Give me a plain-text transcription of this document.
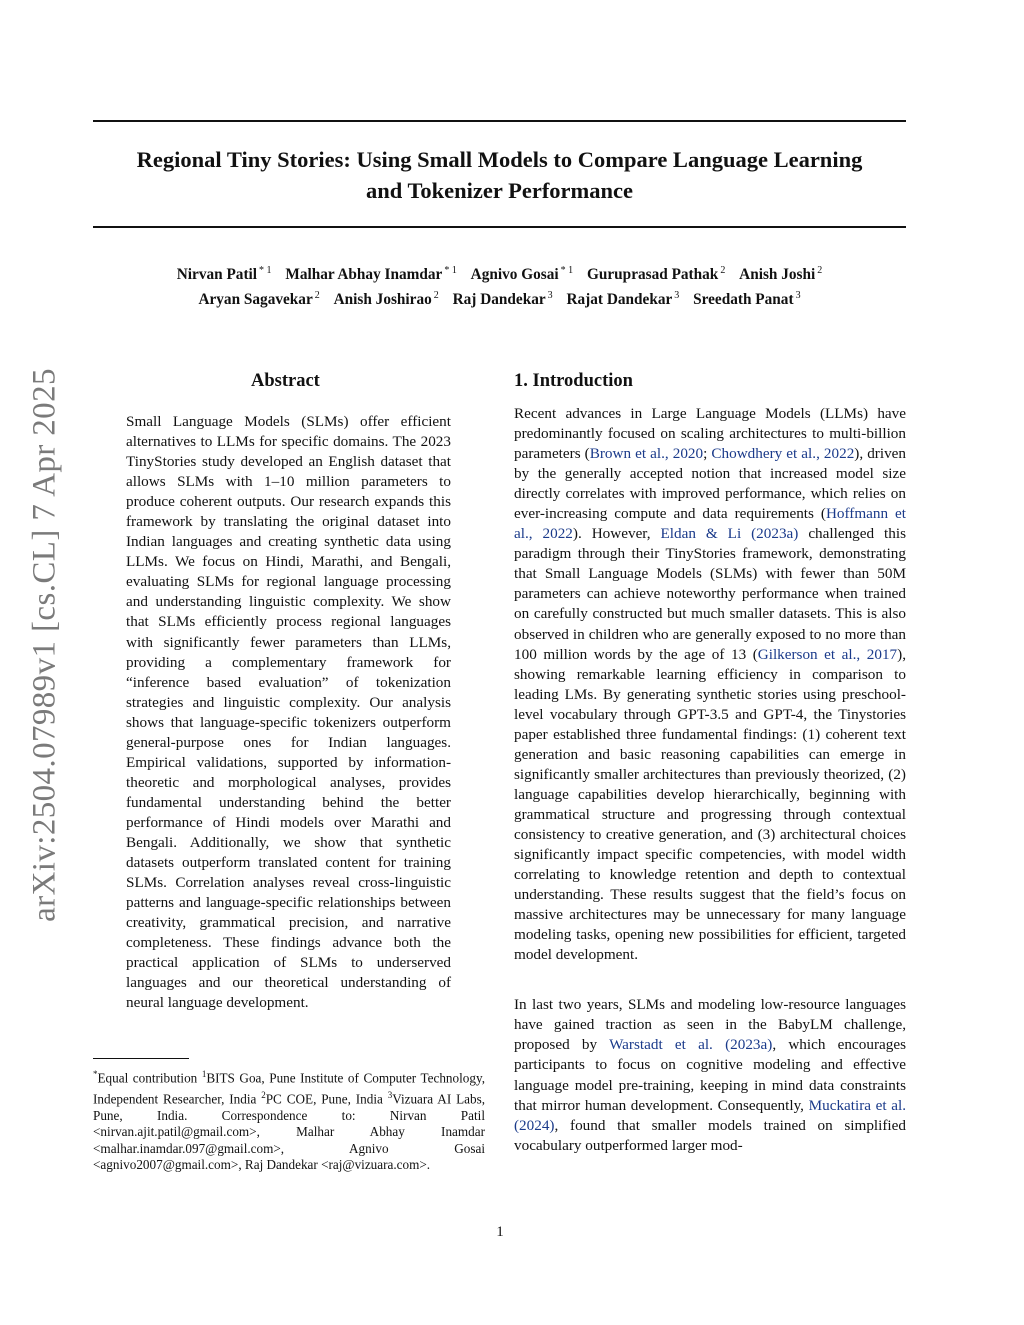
Regional Tiny Stories: Using Small Models to Compare Language Learning
and Tokenizer Performance
Nirvan Patil $^{* 1}$ Malhar Abhay Inamdar $^{* 1}$ Agnivo Gosai $^{* 1}$ Guruprasad Pathak $^2$ Anish Joshi $^2$
Aryan Sagavekar $^2$ Anish Joshirao $^2$ Raj Dandekar $^3$ Rajat Dandekar $^3$ Sreedath Panat $^3$
arXiv:2504.07989v1 [cs.CL] 7 Apr 2025	Abstract

Small Language Models (SLMs) offer efficient alternatives to LLMs for specific domains. The 2023 TinyStories study developed an English dataset that allows SLMs with 1–10 million parameters to produce coherent outputs. Our research expands this framework by translating the original dataset into Indian languages and creating synthetic data using LLMs. We focus on Hindi, Marathi, and Bengali, evaluating SLMs for regional language processing and understanding linguistic complexity. We show that SLMs efficiently process regional languages with significantly fewer parameters than LLMs, providing a complementary framework for “inference based evaluation” of tokenization strategies and linguistic complexity. Our analysis shows that language-specific tokenizers outperform general-purpose ones for Indian languages. Empirical validations, supported by information-theoretic and morphological analyses, provides fundamental understanding behind the better performance of Hindi models over Marathi and Bengali. Additionally, we show that synthetic datasets outperform translated content for training SLMs. Correlation analyses reveal cross-linguistic patterns and language-specific relationships between creativity, grammatical precision, and narrative completeness. These findings advance both the practical application of SLMs to underserved languages and our theoretical understanding of neural language development.

*Equal contribution $^1$BITS Goa, Pune Institute of Computer Technology, Independent Researcher, India $^2$PC COE, Pune, India $^3$Vizuara AI Labs, Pune, India. Correspondence to: Nirvan Patil <nirvan.ajit.patil@gmail.com>, Malhar Abhay Inamdar <malhar.inamdar.097@gmail.com>, Agnivo Gosai <agnivo2007@gmail.com>, Raj Dandekar <raj@vizuara.com>.

1. Introduction

Recent advances in Large Language Models (LLMs) have predominantly focused on scaling architectures to multi-billion parameters (Brown et al., 2020; Chowdhery et al., 2022), driven by the generally accepted notion that increased model size directly correlates with improved performance, which relies on ever-increasing compute and data requirements (Hoffmann et al., 2022). However, Eldan & Li (2023a) challenged this paradigm through their TinyStories framework, demonstrating that Small Language Models (SLMs) with fewer than 50M parameters can achieve noteworthy performance when trained on carefully constructed but much smaller datasets. This is also observed in children who are generally exposed to no more than 100 million words by the age of 13 (Gilkerson et al., 2017), showing remarkable learning efficiency in comparison to leading LMs. By generating synthetic stories using preschool-level vocabulary through GPT-3.5 and GPT-4, the Tinystories paper established three fundamental findings: (1) coherent text generation and basic reasoning capabilities can emerge in significantly smaller architectures than previously theorized, (2) language capabilities develop hierarchically, beginning with grammatical structure and progressing through contextual consistency to creative generation, and (3) architectural choices significantly impact specific competencies, with model width correlating to knowledge retention and depth to contextual understanding. These results suggest that the field’s focus on massive architectures may be unnecessary for many language modeling tasks, opening new possibilities for efficient, targeted model development.

In last two years, SLMs and modeling low-resource languages have gained traction as seen in the BabyLM challenge, proposed by Warstadt et al. (2023a), which encourages participants to focus on cognitive modeling and effective language model pre-training, keeping in mind data constraints that mirror human development. Consequently, Muckatira et al. (2024), found that smaller models trained on simplified vocabulary outperformed larger mod-

1
